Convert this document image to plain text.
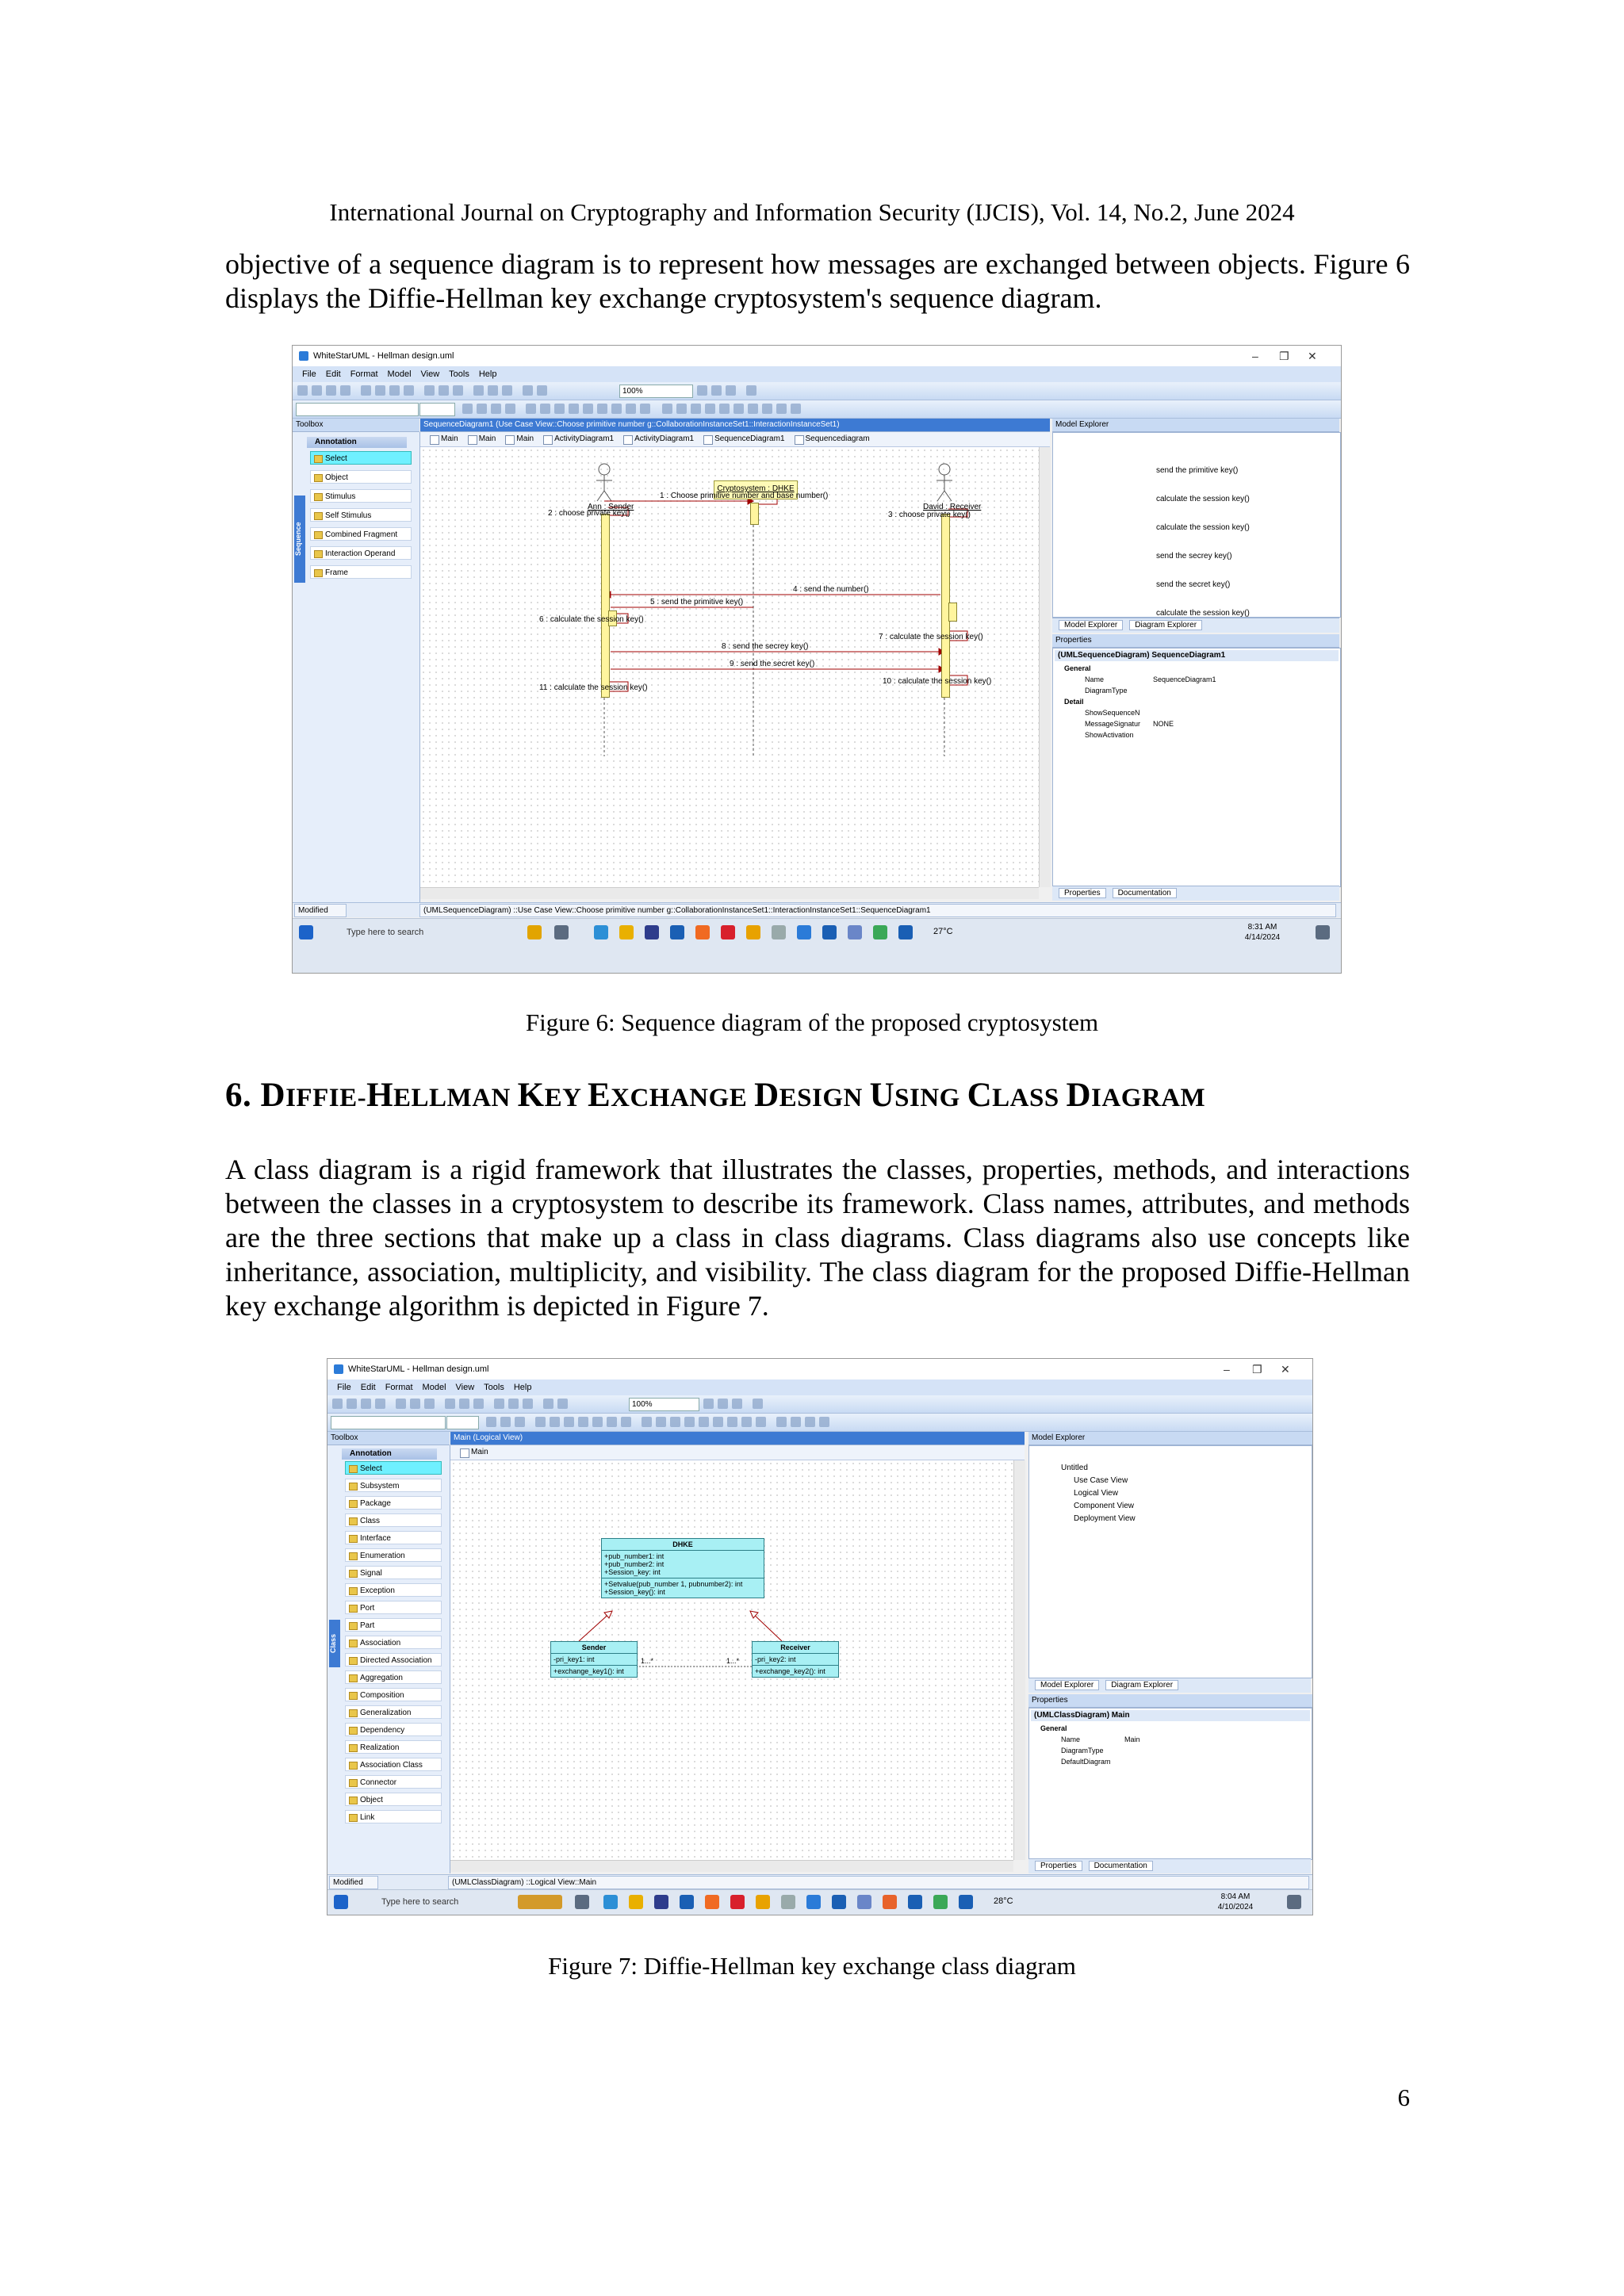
International Journal on Cryptography and Information Security (IJCIS), Vol. 14, No.2, June 2024
objective of a sequence diagram is to represent how messages are exchanged between objects. Figure 6 displays the Diffie-Hellman key exchange cryptosystem's sequence diagram.
WhiteStarUML - Hellman design.uml	– ❐ ✕
File Edit Format Model View Tools Help
100%
Toolbox
Sequence
Annotation
Select
Object
Stimulus
Self Stimulus
Combined Fragment
Interaction Operand
Frame
SequenceDiagram1 (Use Case View::Choose primitive number g::CollaborationInstanceSet1::InteractionInstanceSet1)
Main	Main	Main	ActivityDiagram1	ActivityDiagram1	SequenceDiagram1	Sequencediagram
Ann : Sender
Cryptosystem : DHKE
David : Receiver
1 : Choose primitive number and base number()
2 : choose private key()	3 : choose private key()
4 : send the number()
5 : send the primitive key()
6 : calculate the session key()
7 : calculate the session key()
8 : send the secrey key()
9 : send the secret key()
10 : calculate the session key()
11 : calculate the session key()
Model Explorer
send the primitive key()
calculate the session key()
calculate the session key()
send the secrey key()
send the secret key()
calculate the session key()
Model Explorer Diagram Explorer
Properties
(UMLSequenceDiagram) SequenceDiagram1
General
Name	SequenceDiagram1
DiagramType
Detail
ShowSequenceN
MessageSignatur NONE
ShowActivation
Properties Documentation
Modified	(UMLSequenceDiagram) ::Use Case View::Choose primitive number g::CollaborationInstanceSet1::InteractionInstanceSet1::SequenceDiagram1
Type here to search	27°C	8:31 AM
4/14/2024
Figure 6: Sequence diagram of the proposed cryptosystem
6. DIFFIE-HELLMAN KEY EXCHANGE DESIGN USING CLASS DIAGRAM
A class diagram is a rigid framework that illustrates the classes, properties, methods, and interactions between the classes in a cryptosystem to describe its framework. Class names, attributes, and methods are the three sections that make up a class in class diagrams. Class diagrams also use concepts like inheritance, association, multiplicity, and visibility. The class diagram for the proposed Diffie-Hellman key exchange algorithm is depicted in Figure 7.
WhiteStarUML - Hellman design.uml	– ❐ ✕
File Edit Format Model View Tools Help
100%
Toolbox
Class
Annotation
Select
Subsystem
Package
Class
Interface
Enumeration
Signal
Exception
Port
Part
Association
Directed Association
Aggregation
Composition
Generalization
Dependency
Realization
Association Class
Connector
Object
Link
Main (Logical View)
Main
DHKE
+pub_number1: int
+pub_number2: int
+Session_key: int
+Setvalue(pub_number 1, pubnumber2): int
+Session_key(): int
Sender
-pri_key1: int
+exchange_key1(): int
Receiver
-pri_key2: int
+exchange_key2(): int
1...*	1...*
Model Explorer
Untitled
Use Case View
Logical View
Component View
Deployment View
Model Explorer Diagram Explorer
Properties
(UMLClassDiagram) Main
General
Name	Main
DiagramType
DefaultDiagram
Properties Documentation
Modified	(UMLClassDiagram) ::Logical View::Main
Type here to search	28°C	8:04 AM
4/10/2024
Figure 7: Diffie-Hellman key exchange class diagram
6
